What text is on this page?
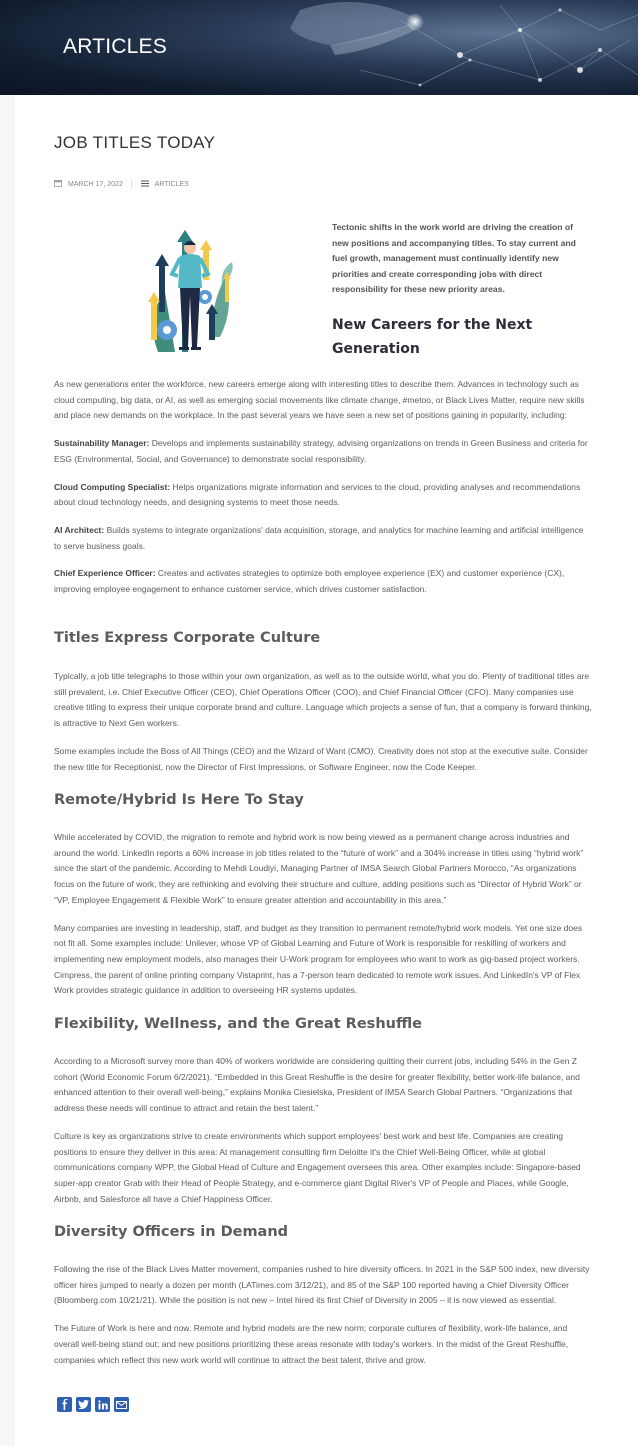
ARTICLES
JOB TITLES TODAY
MARCH 17, 2022 |	ARTICLES
Tectonic shifts in the work world are driving the creation of new positions and accompanying titles. To stay current and fuel growth, management must continually identify new priorities and create corresponding jobs with direct responsibility for these new priority areas.
New Careers for the Next Generation

As new generations enter the workforce, new careers emerge along with interesting titles to describe them. Advances in technology such as cloud computing, big data, or AI, as well as emerging social movements like climate change, #metoo, or Black Lives Matter, require new skills and place new demands on the workplace. In the past several years we have seen a new set of positions gaining in popularity, including:

Sustainability Manager: Develops and implements sustainability strategy, advising organizations on trends in Green Business and criteria for ESG (Environmental, Social, and Governance) to demonstrate social responsibility.

Cloud Computing Specialist: Helps organizations migrate information and services to the cloud, providing analyses and recommendations about cloud technology needs, and designing systems to meet those needs.

AI Architect: Builds systems to integrate organizations' data acquisition, storage, and analytics for machine learning and artificial intelligence to serve business goals.

Chief Experience Officer: Creates and activates strategies to optimize both employee experience (EX) and customer experience (CX), improving employee engagement to enhance customer service, which drives customer satisfaction.

Titles Express Corporate Culture

Typically, a job title telegraphs to those within your own organization, as well as to the outside world, what you do. Plenty of traditional titles are still prevalent, i.e. Chief Executive Officer (CEO), Chief Operations Officer (COO), and Chief Financial Officer (CFO). Many companies use creative titling to express their unique corporate brand and culture. Language which projects a sense of fun, that a company is forward thinking, is attractive to Next Gen workers.

Some examples include the Boss of All Things (CEO) and the Wizard of Want (CMO). Creativity does not stop at the executive suite. Consider the new title for Receptionist, now the Director of First Impressions, or Software Engineer, now the Code Keeper.

Remote/Hybrid Is Here To Stay

While accelerated by COVID, the migration to remote and hybrid work is now being viewed as a permanent change across industries and around the world. LinkedIn reports a 60% increase in job titles related to the “future of work” and a 304% increase in titles using “hybrid work” since the start of the pandemic. According to Mehdi Loudiyi, Managing Partner of IMSA Search Global Partners Morocco, “As organizations focus on the future of work, they are rethinking and evolving their structure and culture, adding positions such as “Director of Hybrid Work” or “VP, Employee Engagement & Flexible Work” to ensure greater attention and accountability in this area.”

Many companies are investing in leadership, staff, and budget as they transition to permanent remote/hybrid work models. Yet one size does not fit all. Some examples include: Unilever, whose VP of Global Learning and Future of Work is responsible for reskilling of workers and implementing new employment models, also manages their U-Work program for employees who want to work as gig-based project workers. Cimpress, the parent of online printing company Vistaprint, has a 7-person team dedicated to remote work issues. And LinkedIn's VP of Flex Work provides strategic guidance in addition to overseeing HR systems updates.

Flexibility, Wellness, and the Great Reshuffle

According to a Microsoft survey more than 40% of workers worldwide are considering quitting their current jobs, including 54% in the Gen Z cohort (World Economic Forum 6/2/2021). “Embedded in this Great Reshuffle is the desire for greater flexibility, better work-life balance, and enhanced attention to their overall well-being,” explains Monika Ciesielska, President of IMSA Search Global Partners. “Organizations that address these needs will continue to attract and retain the best talent.”

Culture is key as organizations strive to create environments which support employees' best work and best life. Companies are creating positions to ensure they deliver in this area: At management consulting firm Deloitte it's the Chief Well-Being Officer, while at global communications company WPP, the Global Head of Culture and Engagement oversees this area. Other examples include: Singapore-based super-app creator Grab with their Head of People Strategy, and e-commerce giant Digital River's VP of People and Places, while Google, Airbnb, and Salesforce all have a Chief Happiness Officer.

Diversity Officers in Demand

Following the rise of the Black Lives Matter movement, companies rushed to hire diversity officers. In 2021 in the S&P 500 index, new diversity officer hires jumped to nearly a dozen per month (LATimes.com 3/12/21), and 85 of the S&P 100 reported having a Chief Diversity Officer (Bloomberg.com 10/21/21). While the position is not new – Intel hired its first Chief of Diversity in 2005 – it is now viewed as essential.

The Future of Work is here and now. Remote and hybrid models are the new norm; corporate cultures of flexibility, work-life balance, and overall well-being stand out; and new positions prioritizing these areas resonate with today's workers. In the midst of the Great Reshuffle, companies which reflect this new work world will continue to attract the best talent, thrive and grow.
